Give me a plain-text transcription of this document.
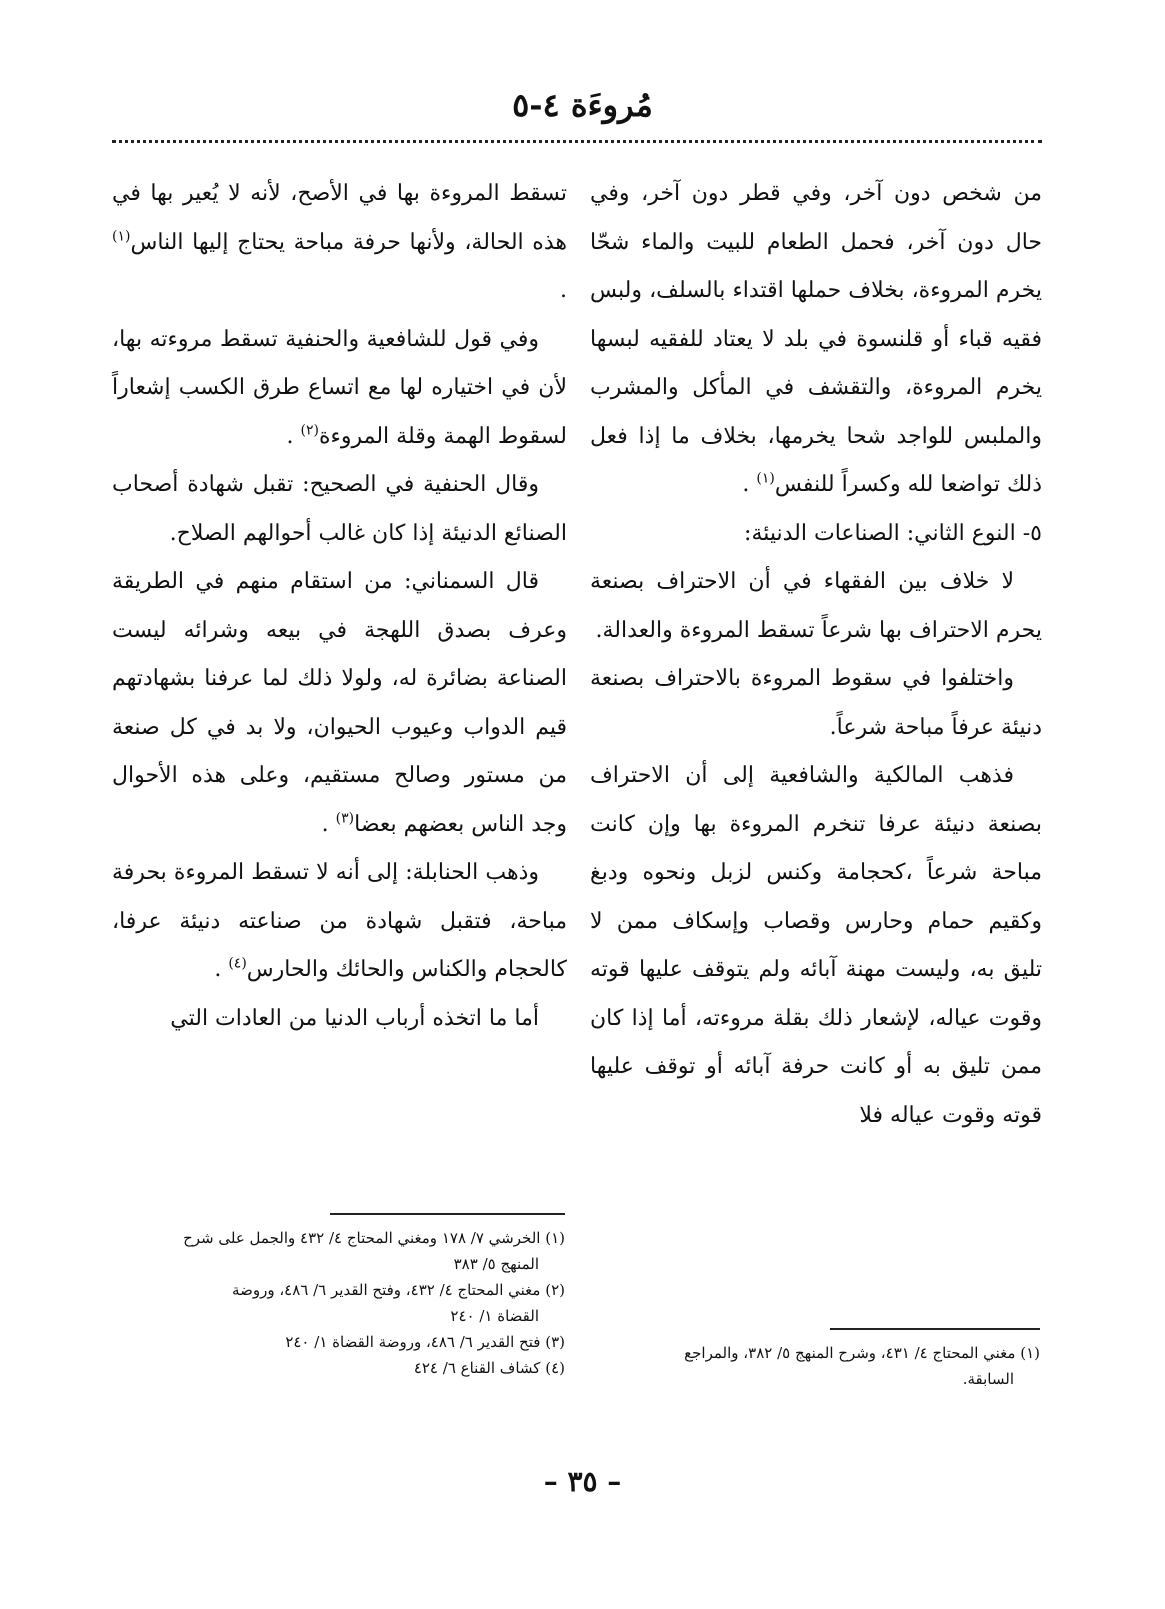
مُروءَة ٤-٥

من شخص دون آخر، وفي قطر دون آخر، وفي حال دون آخر، فحمل الطعام للبيت والماء شحّا يخرم المروءة، بخلاف حملها اقتداء بالسلف، ولبس فقيه قباء أو قلنسوة في بلد لا يعتاد للفقيه لبسها يخرم المروءة، والتقشف في المأكل والمشرب والملبس للواجد شحا يخرمها، بخلاف ما إذا فعل ذلك تواضعا لله وكسراً للنفس$^{(١)}$ .

٥- النوع الثاني: الصناعات الدنيئة:

لا خلاف بين الفقهاء في أن الاحتراف بصنعة يحرم الاحتراف بها شرعاً تسقط المروءة والعدالة.

واختلفوا في سقوط المروءة بالاحتراف بصنعة دنيئة عرفاً مباحة شرعاً.

فذهب المالكية والشافعية إلى أن الاحتراف بصنعة دنيئة عرفا تنخرم المروءة بها وإن كانت مباحة شرعاً ،كحجامة وكنس لزبل ونحوه ودبغ وكقيم حمام وحارس وقصاب وإسكاف ممن لا تليق به، وليست مهنة آبائه ولم يتوقف عليها قوته وقوت عياله، لإشعار ذلك بقلة مروءته، أما إذا كان ممن تليق به أو كانت حرفة آبائه أو توقف عليها قوته وقوت عياله فلا

تسقط المروءة بها في الأصح، لأنه لا يُعير بها في هذه الحالة، ولأنها حرفة مباحة يحتاج إليها الناس$^{(١)}$ .

وفي قول للشافعية والحنفية تسقط مروءته بها، لأن في اختياره لها مع اتساع طرق الكسب إشعاراً لسقوط الهمة وقلة المروءة$^{(٢)}$ .

وقال الحنفية في الصحيح: تقبل شهادة أصحاب الصنائع الدنيئة إذا كان غالب أحوالهم الصلاح.

قال السمناني: من استقام منهم في الطريقة وعرف بصدق اللهجة في بيعه وشرائه ليست الصناعة بضائرة له، ولولا ذلك لما عرفنا بشهادتهم قيم الدواب وعيوب الحيوان، ولا بد في كل صنعة من مستور وصالح مستقيم، وعلى هذه الأحوال وجد الناس بعضهم بعضا$^{(٣)}$ .

وذهب الحنابلة: إلى أنه لا تسقط المروءة بحرفة مباحة، فتقبل شهادة من صناعته دنيئة عرفا، كالحجام والكناس والحائك والحارس$^{(٤)}$ .

أما ما اتخذه أرباب الدنيا من العادات التي

(١) مغني المحتاج ٤/ ٤٣١، وشرح المنهج ٥/ ٣٨٢، والمراجع

السابقة.

(١) الخرشي ٧/ ١٧٨ ومغني المحتاج ٤/ ٤٣٢ والجمل على شرح

المنهج ٥/ ٣٨٣

(٢) مغني المحتاج ٤/ ٤٣٢، وفتح القدير ٦/ ٤٨٦، وروضة

القضاة ١/ ٢٤٠

(٣) فتح القدير ٦/ ٤٨٦، وروضة القضاة ١/ ٢٤٠

(٤) كشاف القناع ٦/ ٤٢٤

– ٣٥ –
